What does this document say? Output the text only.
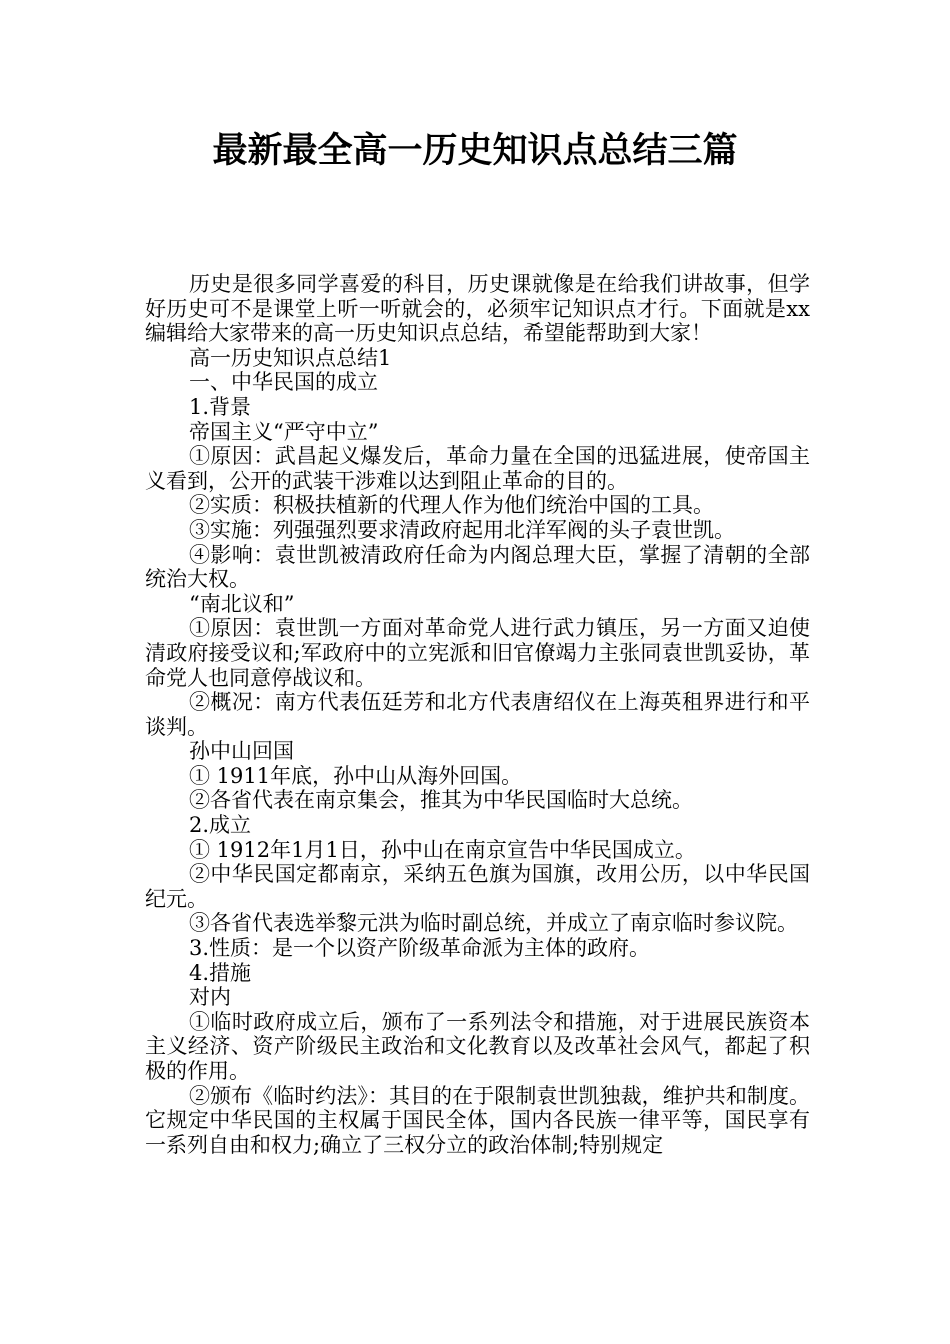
最新最全高一历史知识点总结三篇

历史是很多同学喜爱的科目，历史课就像是在给我们讲故事，但学好历史可不是课堂上听一听就会的，必须牢记知识点才行。下面就是xx编辑给大家带来的高一历史知识点总结，希望能帮助到大家！

高一历史知识点总结1

一、中华民国的成立

1.背景

帝国主义“严守中立”

①原因：武昌起义爆发后，革命力量在全国的迅猛进展，使帝国主义看到，公开的武装干涉难以达到阻止革命的目的。

②实质：积极扶植新的代理人作为他们统治中国的工具。

③实施：列强强烈要求清政府起用北洋军阀的头子袁世凯。

④影响：袁世凯被清政府任命为内阁总理大臣，掌握了清朝的全部统治大权。

“南北议和”

①原因：袁世凯一方面对革命党人进行武力镇压，另一方面又迫使清政府接受议和;军政府中的立宪派和旧官僚竭力主张同袁世凯妥协，革命党人也同意停战议和。

②概况：南方代表伍廷芳和北方代表唐绍仪在上海英租界进行和平谈判。

孙中山回国

① 1911年底，孙中山从海外回国。

②各省代表在南京集会，推其为中华民国临时大总统。

2.成立

① 1912年1月1日，孙中山在南京宣告中华民国成立。

②中华民国定都南京，采纳五色旗为国旗，改用公历，以中华民国纪元。

③各省代表选举黎元洪为临时副总统，并成立了南京临时参议院。

3.性质：是一个以资产阶级革命派为主体的政府。

4.措施

对内

①临时政府成立后，颁布了一系列法令和措施，对于进展民族资本主义经济、资产阶级民主政治和文化教育以及改革社会风气，都起了积极的作用。

②颁布《临时约法》：其目的在于限制袁世凯独裁，维护共和制度。它规定中华民国的主权属于国民全体，国内各民族一律平等，国民享有一系列自由和权力;确立了三权分立的政治体制;特别规定
